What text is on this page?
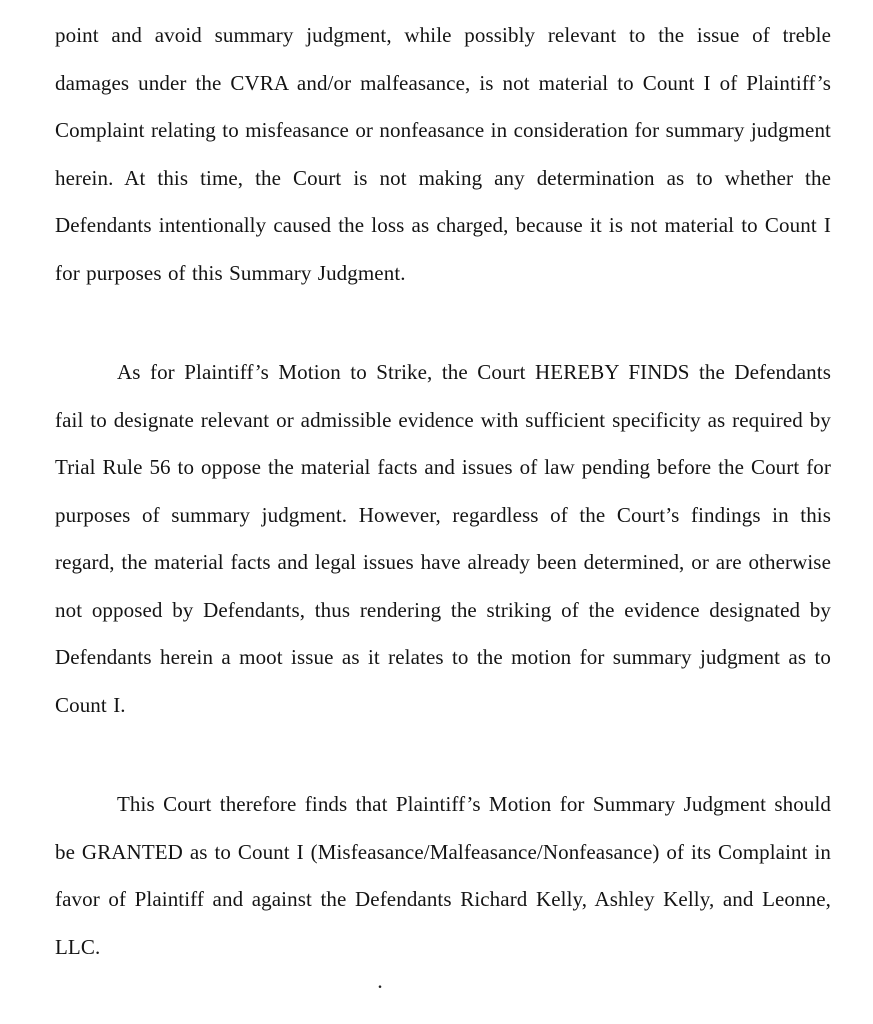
point and avoid summary judgment, while possibly relevant to the issue of treble damages under the CVRA and/or malfeasance, is not material to Count I of Plaintiff’s Complaint relating to misfeasance or nonfeasance in consideration for summary judgment herein. At this time, the Court is not making any determination as to whether the Defendants intentionally caused the loss as charged, because it is not material to Count I for purposes of this Summary Judgment.

As for Plaintiff’s Motion to Strike, the Court HEREBY FINDS the Defendants fail to designate relevant or admissible evidence with sufficient specificity as required by Trial Rule 56 to oppose the material facts and issues of law pending before the Court for purposes of summary judgment. However, regardless of the Court’s findings in this regard, the material facts and legal issues have already been determined, or are otherwise not opposed by Defendants, thus rendering the striking of the evidence designated by Defendants herein a moot issue as it relates to the motion for summary judgment as to Count I.

This Court therefore finds that Plaintiff’s Motion for Summary Judgment should be GRANTED as to Count I (Misfeasance/Malfeasance/Nonfeasance) of its Complaint in favor of Plaintiff and against the Defendants Richard Kelly, Ashley Kelly, and Leonne, LLC.

.
